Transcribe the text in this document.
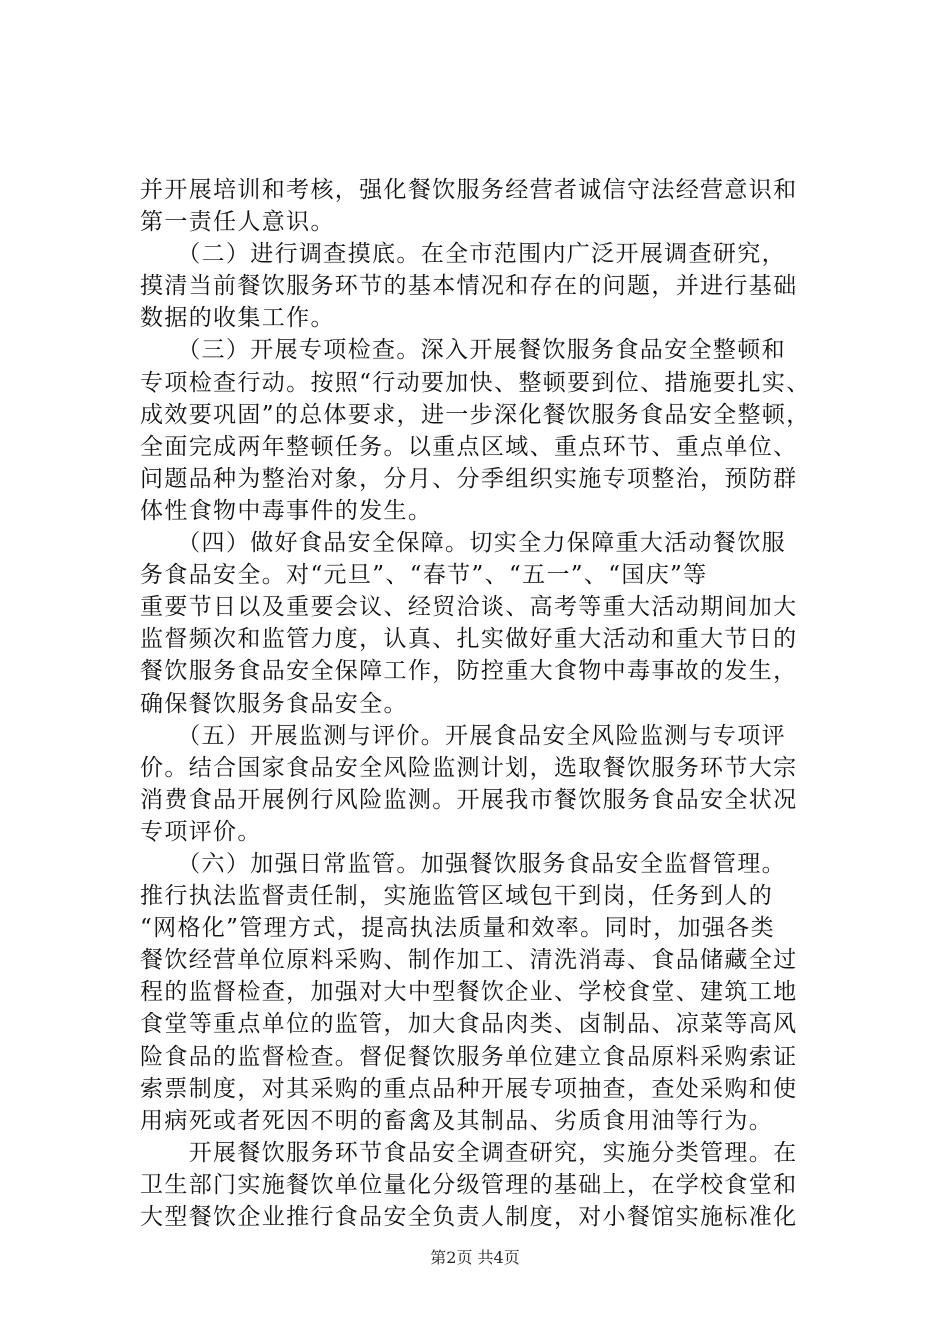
并开展培训和考核，强化餐饮服务经营者诚信守法经营意识和
第一责任人意识。
　　（二）进行调查摸底。在全市范围内广泛开展调查研究，
摸清当前餐饮服务环节的基本情况和存在的问题，并进行基础
数据的收集工作。
　　（三）开展专项检查。深入开展餐饮服务食品安全整顿和
专项检查行动。按照“行动要加快、整顿要到位、措施要扎实、
成效要巩固”的总体要求，进一步深化餐饮服务食品安全整顿，
全面完成两年整顿任务。以重点区域、重点环节、重点单位、
问题品种为整治对象，分月、分季组织实施专项整治，预防群
体性食物中毒事件的发生。
　　（四）做好食品安全保障。切实全力保障重大活动餐饮服
务食品安全。对“元旦”、“春节”、“五一”、“国庆”等
重要节日以及重要会议、经贸洽谈、高考等重大活动期间加大
监督频次和监管力度，认真、扎实做好重大活动和重大节日的
餐饮服务食品安全保障工作，防控重大食物中毒事故的发生，
确保餐饮服务食品安全。
　　（五）开展监测与评价。开展食品安全风险监测与专项评
价。结合国家食品安全风险监测计划，选取餐饮服务环节大宗
消费食品开展例行风险监测。开展我市餐饮服务食品安全状况
专项评价。
　　（六）加强日常监管。加强餐饮服务食品安全监督管理。
推行执法监督责任制，实施监管区域包干到岗，任务到人的
“网格化”管理方式，提高执法质量和效率。同时，加强各类
餐饮经营单位原料采购、制作加工、清洗消毒、食品储藏全过
程的监督检查，加强对大中型餐饮企业、学校食堂、建筑工地
食堂等重点单位的监管，加大食品肉类、卤制品、凉菜等高风
险食品的监督检查。督促餐饮服务单位建立食品原料采购索证
索票制度，对其采购的重点品种开展专项抽查，查处采购和使
用病死或者死因不明的畜禽及其制品、劣质食用油等行为。
　　开展餐饮服务环节食品安全调查研究，实施分类管理。在
卫生部门实施餐饮单位量化分级管理的基础上，在学校食堂和
大型餐饮企业推行食品安全负责人制度，对小餐馆实施标准化
第2页 共4页
